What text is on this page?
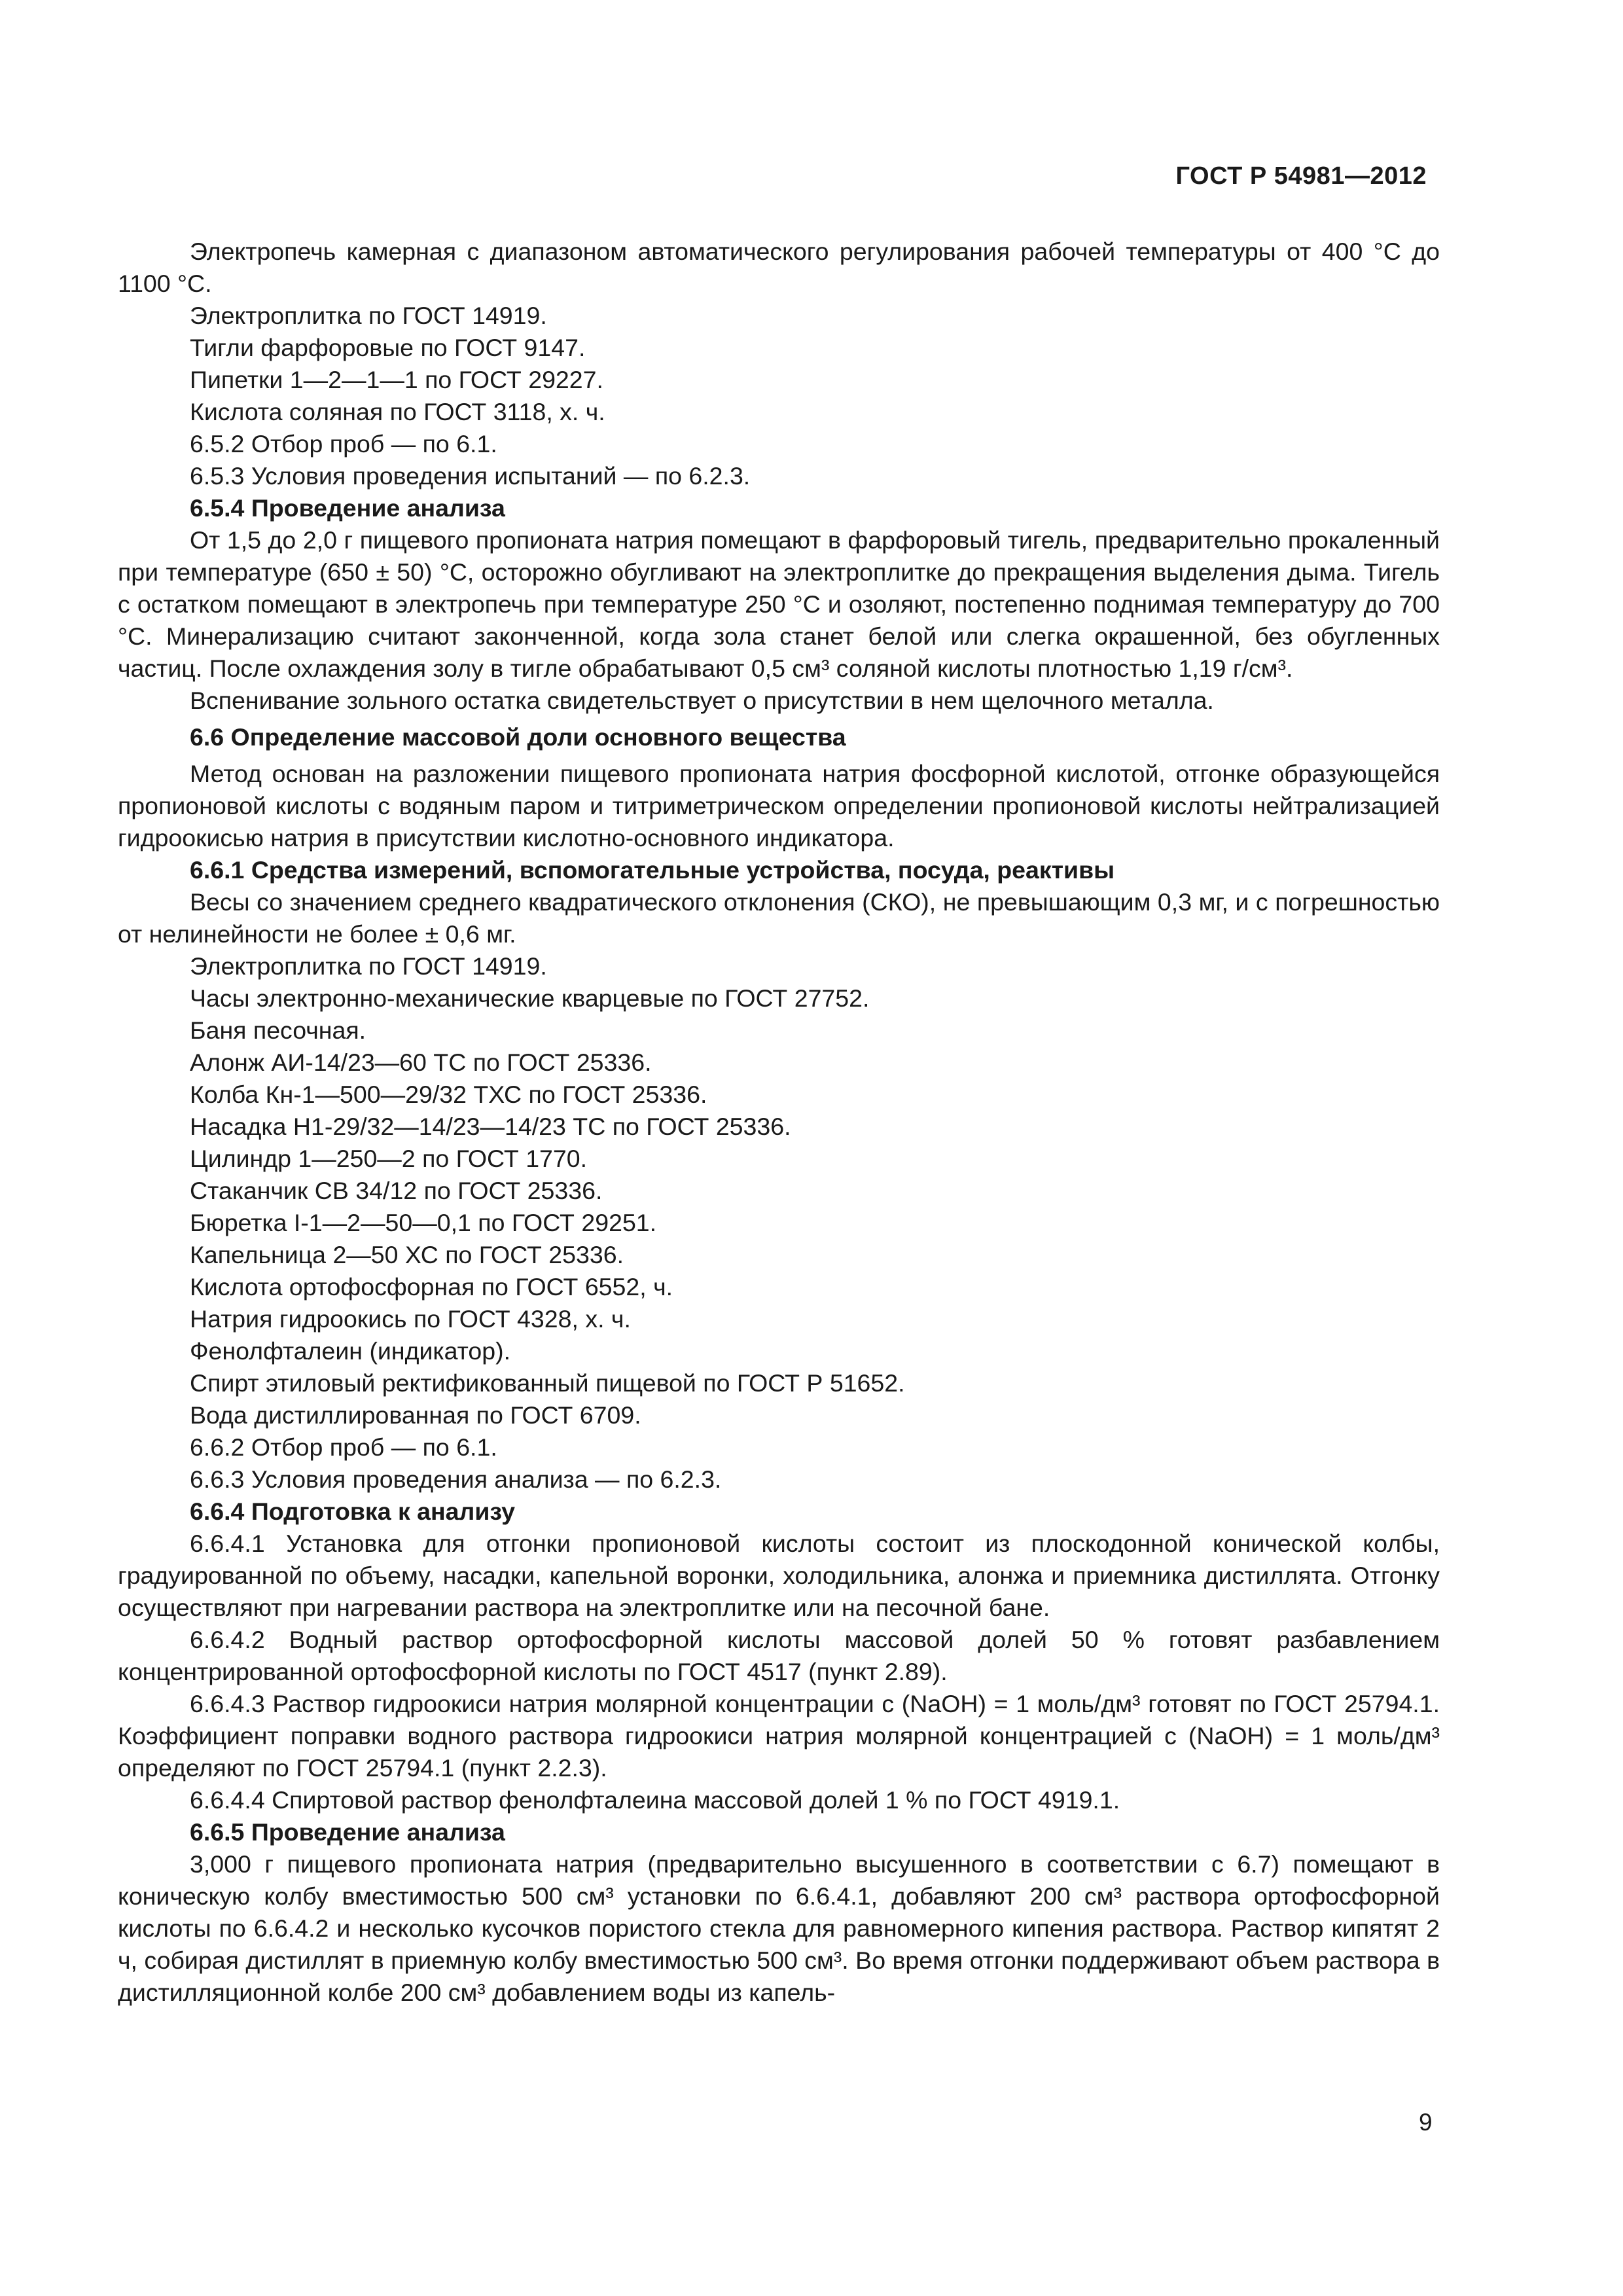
ГОСТ Р 54981—2012

Электропечь камерная с диапазоном автоматического регулирования рабочей температуры от 400 °С до 1100 °С.

Электроплитка по ГОСТ 14919.

Тигли фарфоровые по ГОСТ 9147.

Пипетки 1—2—1—1 по ГОСТ 29227.

Кислота соляная по ГОСТ 3118, х. ч.

6.5.2 Отбор проб — по 6.1.

6.5.3 Условия проведения испытаний — по 6.2.3.

6.5.4 Проведение анализа

От 1,5 до 2,0 г пищевого пропионата натрия помещают в фарфоровый тигель, предварительно прокаленный при температуре (650 ± 50) °С, осторожно обугливают на электроплитке до прекращения выделения дыма. Тигель с остатком помещают в электропечь при температуре 250 °С и озоляют, постепенно поднимая температуру до 700 °С. Минерализацию считают законченной, когда зола станет белой или слегка окрашенной, без обугленных частиц. После охлаждения золу в тигле обрабатывают 0,5 см³ соляной кислоты плотностью 1,19 г/см³.

Вспенивание зольного остатка свидетельствует о присутствии в нем щелочного металла.

6.6 Определение массовой доли основного вещества

Метод основан на разложении пищевого пропионата натрия фосфорной кислотой, отгонке образующейся пропионовой кислоты с водяным паром и титриметрическом определении пропионовой кислоты нейтрализацией гидроокисью натрия в присутствии кислотно-основного индикатора.

6.6.1 Средства измерений, вспомогательные устройства, посуда, реактивы

Весы со значением среднего квадратического отклонения (СКО), не превышающим 0,3 мг, и с погрешностью от нелинейности не более ± 0,6 мг.

Электроплитка по ГОСТ 14919.

Часы электронно-механические кварцевые по ГОСТ 27752.

Баня песочная.

Алонж АИ-14/23—60 ТС по ГОСТ 25336.

Колба Кн-1—500—29/32 ТХС по ГОСТ 25336.

Насадка Н1-29/32—14/23—14/23 ТС по ГОСТ 25336.

Цилиндр 1—250—2 по ГОСТ 1770.

Стаканчик СВ 34/12 по ГОСТ 25336.

Бюретка I-1—2—50—0,1 по ГОСТ 29251.

Капельница 2—50 ХС по ГОСТ 25336.

Кислота ортофосфорная по ГОСТ 6552, ч.

Натрия гидроокись по ГОСТ 4328, х. ч.

Фенолфталеин (индикатор).

Спирт этиловый ректификованный пищевой по ГОСТ Р 51652.

Вода дистиллированная по ГОСТ 6709.

6.6.2 Отбор проб — по 6.1.

6.6.3 Условия проведения анализа — по 6.2.3.

6.6.4 Подготовка к анализу

6.6.4.1 Установка для отгонки пропионовой кислоты состоит из плоскодонной конической колбы, градуированной по объему, насадки, капельной воронки, холодильника, алонжа и приемника дистиллята. Отгонку осуществляют при нагревании раствора на электроплитке или на песочной бане.

6.6.4.2 Водный раствор ортофосфорной кислоты массовой долей 50 % готовят разбавлением концентрированной ортофосфорной кислоты по ГОСТ 4517 (пункт 2.89).

6.6.4.3 Раствор гидроокиси натрия молярной концентрации c (NaOH) = 1 моль/дм³ готовят по ГОСТ 25794.1. Коэффициент поправки водного раствора гидроокиси натрия молярной концентрацией c (NaOH) = 1 моль/дм³ определяют по ГОСТ 25794.1 (пункт 2.2.3).

6.6.4.4 Спиртовой раствор фенолфталеина массовой долей 1 % по ГОСТ 4919.1.

6.6.5 Проведение анализа

3,000 г пищевого пропионата натрия (предварительно высушенного в соответствии с 6.7) помещают в коническую колбу вместимостью 500 см³ установки по 6.6.4.1, добавляют 200 см³ раствора ортофосфорной кислоты по 6.6.4.2 и несколько кусочков пористого стекла для равномерного кипения раствора. Раствор кипятят 2 ч, собирая дистиллят в приемную колбу вместимостью 500 см³. Во время отгонки поддерживают объем раствора в дистилляционной колбе 200 см³ добавлением воды из капель-

9
